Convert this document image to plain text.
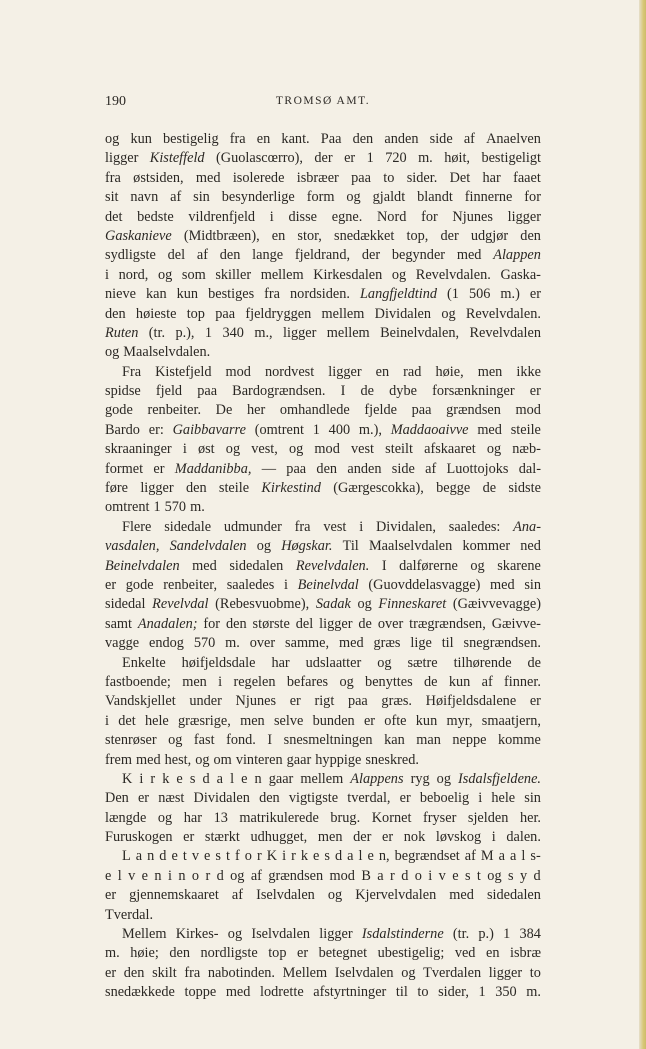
190	TROMSØ AMT.
og kun bestigelig fra en kant. Paa den anden side af Anaelven
ligger Kisteffeld (Guolascœrro), der er 1 720 m. høit, bestigeligt
fra østsiden, med isolerede isbræer paa to sider. Det har faaet
sit navn af sin besynderlige form og gjaldt blandt finnerne for
det bedste vildrenfjeld i disse egne. Nord for Njunes ligger
Gaskanieve (Midtbræen), en stor, snedækket top, der udgjør den
sydligste del af den lange fjeldrand, der begynder med Alappen
i nord, og som skiller mellem Kirkesdalen og Revelvdalen. Gaska-
nieve kan kun bestiges fra nordsiden. Langfjeldtind (1 506 m.) er
den høieste top paa fjeldryggen mellem Dividalen og Revelvdalen.
Ruten (tr. p.), 1 340 m., ligger mellem Beinelvdalen, Revelvdalen
og Maalselvdalen.
Fra Kistefjeld mod nordvest ligger en rad høie, men ikke
spidse fjeld paa Bardogrændsen. I de dybe forsænkninger er
gode renbeiter. De her omhandlede fjelde paa grændsen mod
Bardo er: Gaibbavarre (omtrent 1 400 m.), Maddaoaivve med steile
skraaninger i øst og vest, og mod vest steilt afskaaret og næb-
formet er Maddanibba, — paa den anden side af Luottojoks dal-
føre ligger den steile Kirkestind (Gærgescokka), begge de sidste
omtrent 1 570 m.
Flere sidedale udmunder fra vest i Dividalen, saaledes: Ana-
vasdalen, Sandelvdalen og Høgskar. Til Maalselvdalen kommer ned
Beinelvdalen med sidedalen Revelvdalen. I dalførerne og skarene
er gode renbeiter, saaledes i Beinelvdal (Guovddelasvagge) med sin
sidedal Revelvdal (Rebesvuobme), Sadak og Finneskaret (Gæivvevagge)
samt Anadalen; for den største del ligger de over trægrændsen, Gæivve-
vagge endog 570 m. over samme, med græs lige til snegrændsen.
Enkelte høifjeldsdale har udslaatter og sætre tilhørende de
fastboende; men i regelen befares og benyttes de kun af finner.
Vandskjellet under Njunes er rigt paa græs. Høifjeldsdalene er
i det hele græsrige, men selve bunden er ofte kun myr, smaatjern,
stenrøser og fast fond. I snesmeltningen kan man neppe komme
frem med hest, og om vinteren gaar hyppige sneskred.
K i r k e s d a l e n gaar mellem Alappens ryg og Isdalsfjeldene.
Den er næst Dividalen den vigtigste tverdal, er beboelig i hele sin
længde og har 13 matrikulerede brug. Kornet fryser sjelden her.
Furuskogen er stærkt udhugget, men der er nok løvskog i dalen.
L a n d e t v e s t f o r K i r k e s d a l e n, begrændset af M a a l s-
e l v e n i n o r d og af grændsen mod B a r d o i v e s t og s y d
er gjennemskaaret af Iselvdalen og Kjervelvdalen med sidedalen
Tverdal.
Mellem Kirkes- og Iselvdalen ligger Isdalstinderne (tr. p.) 1 384
m. høie; den nordligste top er betegnet ubestigelig; ved en isbræ
er den skilt fra nabotinden. Mellem Iselvdalen og Tverdalen ligger to
snedækkede toppe med lodrette afstyrtninger til to sider, 1 350 m.
